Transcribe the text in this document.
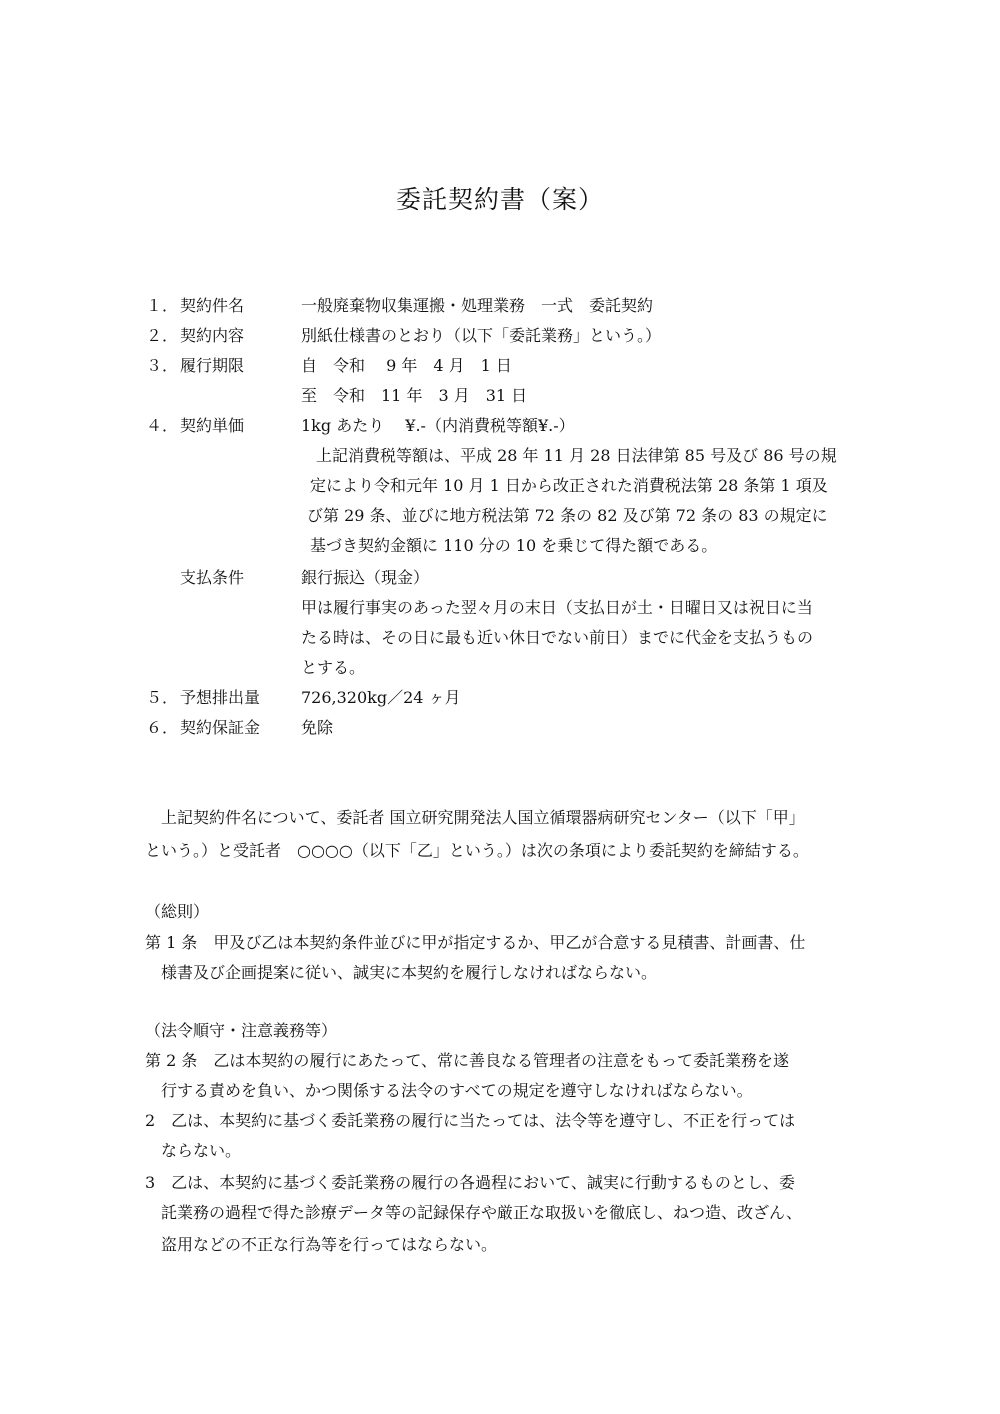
委託契約書（案）
１． 契約件名	一般廃棄物収集運搬・処理業務　一式　委託契約
２． 契約内容	別紙仕様書のとおり（以下「委託業務」という。）
３． 履行期限	自　令和　 9 年　4 月　1 日
至　令和　11 年　3 月　31 日
４． 契約単価	1kg あたり　 ¥.-（内消費税等額¥.-）
上記消費税等額は、平成 28 年 11 月 28 日法律第 85 号及び 86 号の規
定により令和元年 10 月 1 日から改正された消費税法第 28 条第 1 項及
び第 29 条、並びに地方税法第 72 条の 82 及び第 72 条の 83 の規定に
基づき契約金額に 110 分の 10 を乗じて得た額である。
支払条件	銀行振込（現金）
甲は履行事実のあった翌々月の末日（支払日が土・日曜日又は祝日に当
たる時は、その日に最も近い休日でない前日）までに代金を支払うもの
とする。
５． 予想排出量	726,320kg／24 ヶ月
６． 契約保証金	免除
上記契約件名について、委託者 国立研究開発法人国立循環器病研究センター（以下「甲」
という。）と受託者　○○○○（以下「乙」という。）は次の条項により委託契約を締結する。
（総則）
第 1 条　甲及び乙は本契約条件並びに甲が指定するか、甲乙が合意する見積書、計画書、仕
様書及び企画提案に従い、誠実に本契約を履行しなければならない。
（法令順守・注意義務等）
第 2 条　乙は本契約の履行にあたって、常に善良なる管理者の注意をもって委託業務を遂
行する責めを負い、かつ関係する法令のすべての規定を遵守しなければならない。
2　乙は、本契約に基づく委託業務の履行に当たっては、法令等を遵守し、不正を行っては
ならない。
3　乙は、本契約に基づく委託業務の履行の各過程において、誠実に行動するものとし、委
託業務の過程で得た診療データ等の記録保存や厳正な取扱いを徹底し、ねつ造、改ざん、
盗用などの不正な行為等を行ってはならない。
